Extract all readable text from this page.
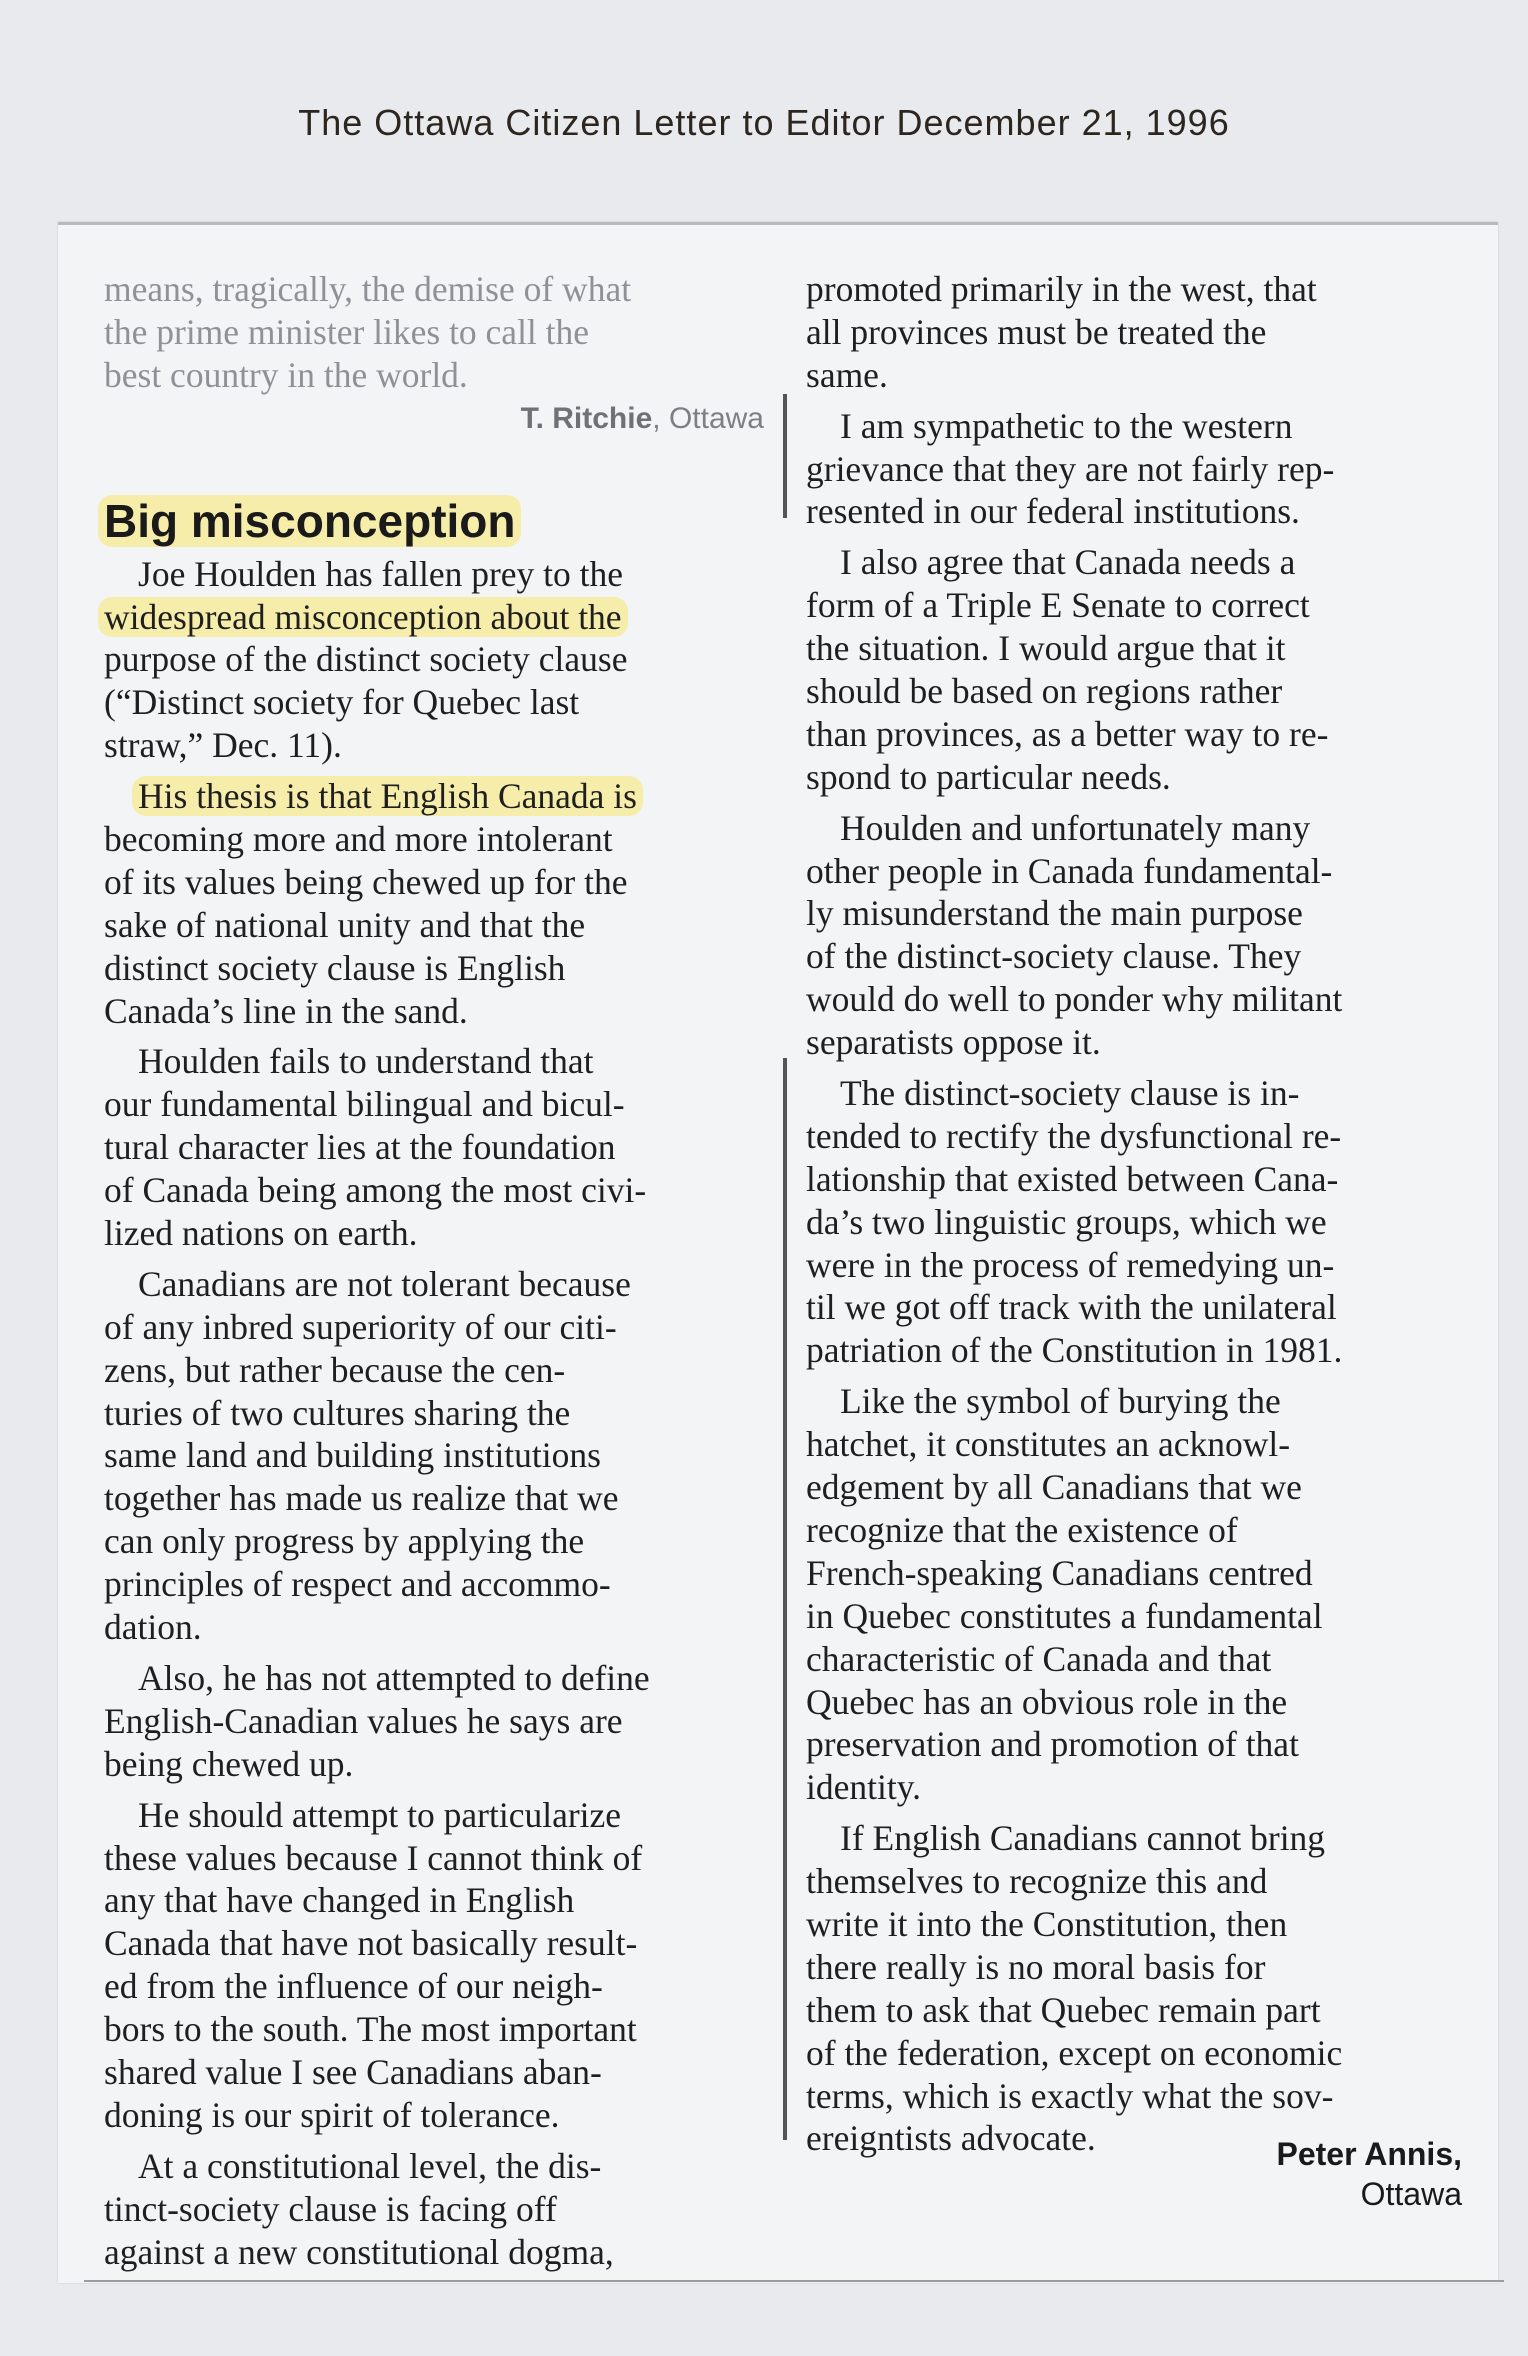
The Ottawa Citizen Letter to Editor December 21, 1996
means, tragically, the demise of what
the prime minister likes to call the
best country in the world.
T. Ritchie, Ottawa
Big misconception
Joe Houlden has fallen prey to the
widespread misconception about the
purpose of the distinct society clause
(“Distinct society for Quebec last
straw,” Dec. 11).
His thesis is that English Canada is
becoming more and more intolerant
of its values being chewed up for the
sake of national unity and that the
distinct society clause is English
Canada’s line in the sand.
Houlden fails to understand that
our fundamental bilingual and bicul-
tural character lies at the foundation
of Canada being among the most civi-
lized nations on earth.
Canadians are not tolerant because
of any inbred superiority of our citi-
zens, but rather because the cen-
turies of two cultures sharing the
same land and building institutions
together has made us realize that we
can only progress by applying the
principles of respect and accommo-
dation.
Also, he has not attempted to define
English-Canadian values he says are
being chewed up.
He should attempt to particularize
these values because I cannot think of
any that have changed in English
Canada that have not basically result-
ed from the influence of our neigh-
bors to the south. The most important
shared value I see Canadians aban-
doning is our spirit of tolerance.
At a constitutional level, the dis-
tinct-society clause is facing off
against a new constitutional dogma,
promoted primarily in the west, that
all provinces must be treated the
same.
I am sympathetic to the western
grievance that they are not fairly rep-
resented in our federal institutions.
I also agree that Canada needs a
form of a Triple E Senate to correct
the situation. I would argue that it
should be based on regions rather
than provinces, as a better way to re-
spond to particular needs.
Houlden and unfortunately many
other people in Canada fundamental-
ly misunderstand the main purpose
of the distinct-society clause. They
would do well to ponder why militant
separatists oppose it.
The distinct-society clause is in-
tended to rectify the dysfunctional re-
lationship that existed between Cana-
da’s two linguistic groups, which we
were in the process of remedying un-
til we got off track with the unilateral
patriation of the Constitution in 1981.
Like the symbol of burying the
hatchet, it constitutes an acknowl-
edgement by all Canadians that we
recognize that the existence of
French-speaking Canadians centred
in Quebec constitutes a fundamental
characteristic of Canada and that
Quebec has an obvious role in the
preservation and promotion of that
identity.
If English Canadians cannot bring
themselves to recognize this and
write it into the Constitution, then
there really is no moral basis for
them to ask that Quebec remain part
of the federation, except on economic
terms, which is exactly what the sov-
ereigntists advocate.	Peter Annis,
Ottawa
